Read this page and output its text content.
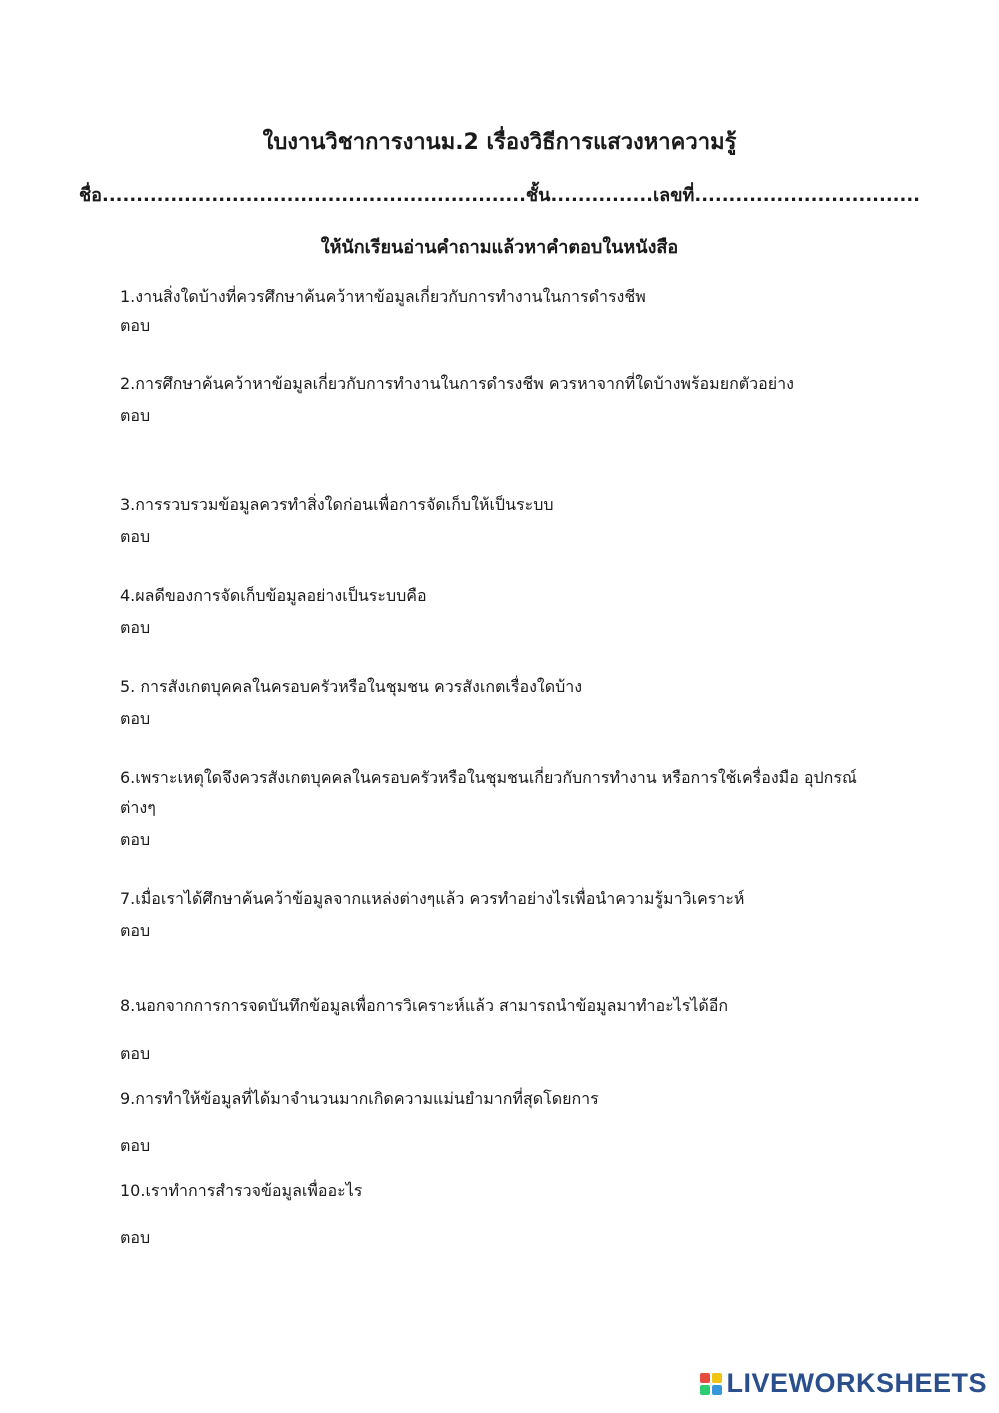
ใบงานวิชาการงานม.2 เรื่องวิธีการแสวงหาความรู้
ชื่อ..............................................................ชั้น...............เลขที่.................................
ให้นักเรียนอ่านคำถามแล้วหาคำตอบในหนังสือ
1.งานสิ่งใดบ้างที่ควรศึกษาค้นคว้าหาข้อมูลเกี่ยวกับการทำงานในการดำรงชีพ
ตอบ
2.การศึกษาค้นคว้าหาข้อมูลเกี่ยวกับการทำงานในการดำรงชีพ ควรหาจากที่ใดบ้างพร้อมยกตัวอย่าง
ตอบ
3.การรวบรวมข้อมูลควรทำสิ่งใดก่อนเพื่อการจัดเก็บให้เป็นระบบ
ตอบ
4.ผลดีของการจัดเก็บข้อมูลอย่างเป็นระบบคือ
ตอบ
5. การสังเกตบุคคลในครอบครัวหรือในชุมชน ควรสังเกตเรื่องใดบ้าง
ตอบ
6.เพราะเหตุใดจึงควรสังเกตบุคคลในครอบครัวหรือในชุมชนเกี่ยวกับการทำงาน หรือการใช้เครื่องมือ อุปกรณ์
ต่างๆ
ตอบ
7.เมื่อเราได้ศึกษาค้นคว้าข้อมูลจากแหล่งต่างๆแล้ว ควรทำอย่างไรเพื่อนำความรู้มาวิเคราะห์
ตอบ
8.นอกจากการการจดบันทึกข้อมูลเพื่อการวิเคราะห์แล้ว สามารถนำข้อมูลมาทำอะไรได้อีก
ตอบ
9.การทำให้ข้อมูลที่ได้มาจำนวนมากเกิดความแม่นยำมากที่สุดโดยการ
ตอบ
10.เราทำการสำรวจข้อมูลเพื่ออะไร
ตอบ
LIVEWORKSHEETS
